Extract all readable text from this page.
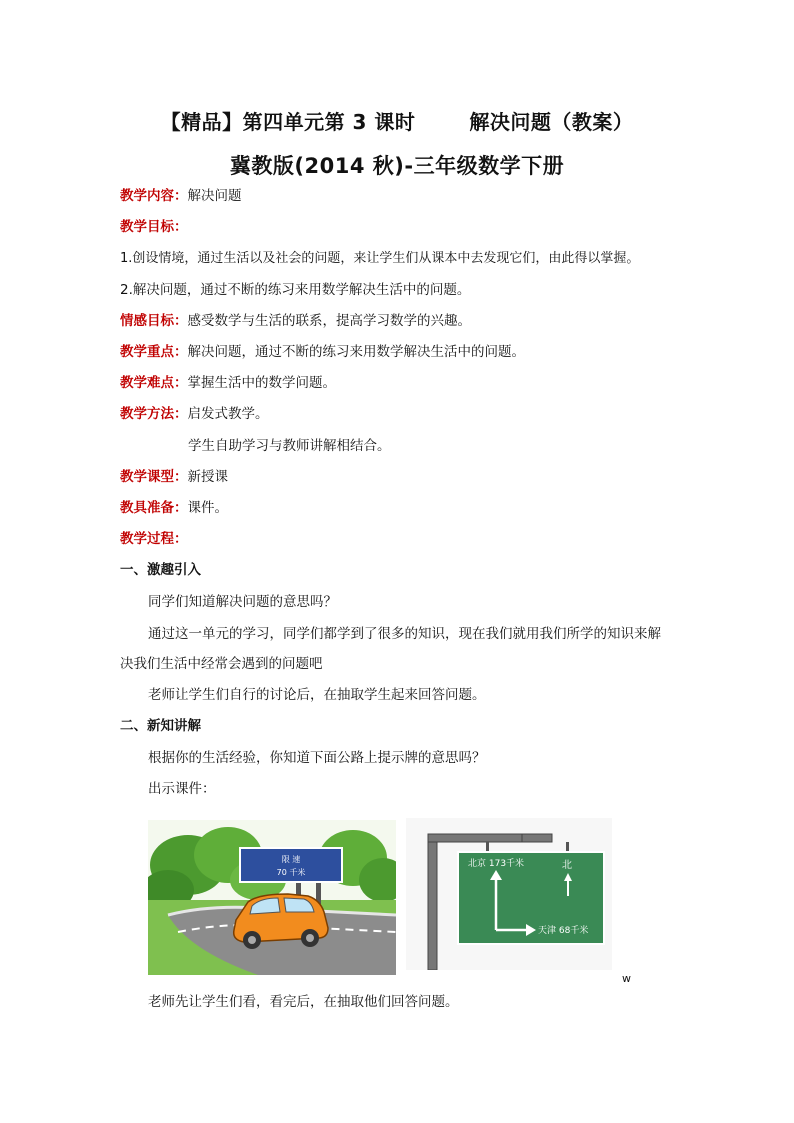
【精品】第四单元第 3 课时	解决问题（教案）
冀教版(2014 秋)-三年级数学下册
教学内容：解决问题
教学目标：
1.创设情境，通过生活以及社会的问题，来让学生们从课本中去发现它们，由此得以掌握。
2.解决问题，通过不断的练习来用数学解决生活中的问题。
情感目标：感受数学与生活的联系，提高学习数学的兴趣。
教学重点：解决问题，通过不断的练习来用数学解决生活中的问题。
教学难点：掌握生活中的数学问题。
教学方法：启发式教学。
学生自助学习与教师讲解相结合。
教学课型：新授课
教具准备：课件。
教学过程：
一、激趣引入
同学们知道解决问题的意思吗？
通过这一单元的学习，同学们都学到了很多的知识，现在我们就用我们所学的知识来解
决我们生活中经常会遇到的问题吧
老师让学生们自行的讨论后，在抽取学生起来回答问题。
二、新知讲解
根据你的生活经验，你知道下面公路上提示牌的意思吗？
出示课件：
限 速
70 千米
北京 173千米	北
天津 68千米
w
老师先让学生们看，看完后，在抽取他们回答问题。
